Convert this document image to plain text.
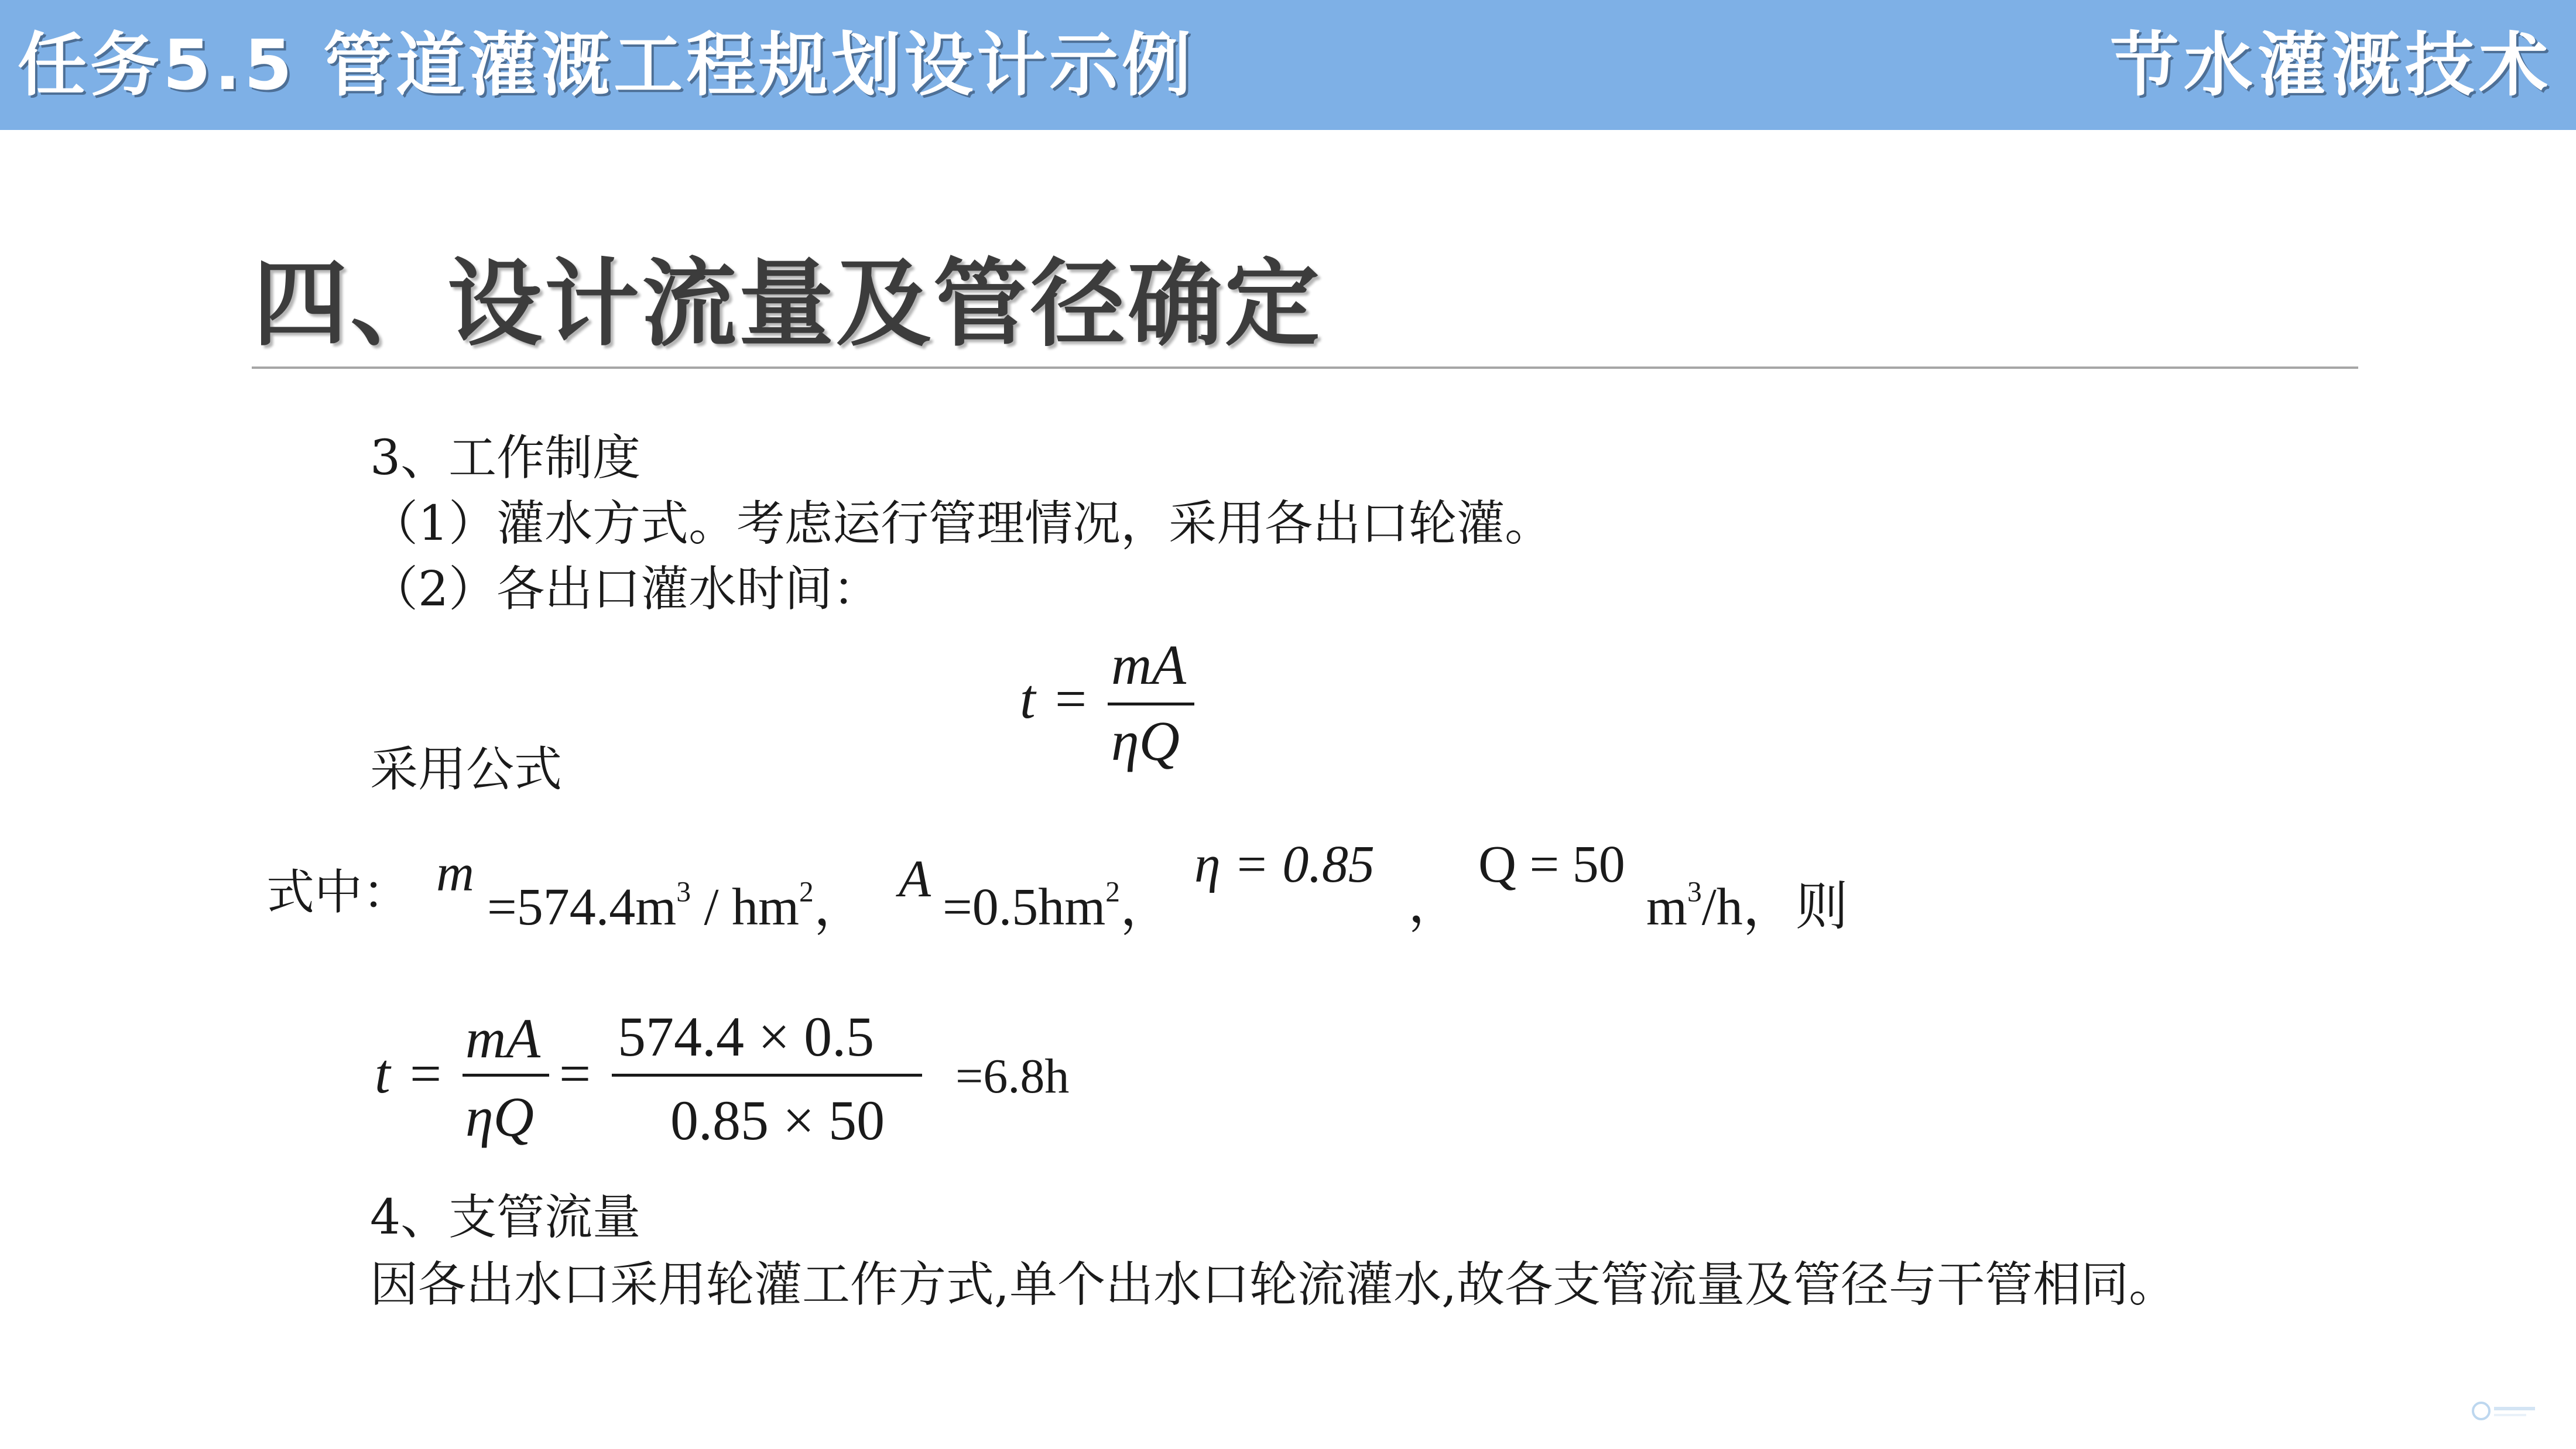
任务5.5 管道灌溉工程规划设计示例	节水灌溉技术
四、设计流量及管径确定
3、工作制度
（1）灌水方式。考虑运行管理情况，采用各出口轮灌。
（2）各出口灌水时间：
t =
mA
ηQ
采用公式
式中： m
$=574.4m^3 / hm^2$， $A =0.5hm^2$，
η = 0.85
，
Q = 50
$m^3/h$，则
t =
mA
ηQ
=
574.4 × 0.5
0.85 × 50
=6.8h
4、支管流量
因各出水口采用轮灌工作方式,单个出水口轮流灌水,故各支管流量及管径与干管相同。
